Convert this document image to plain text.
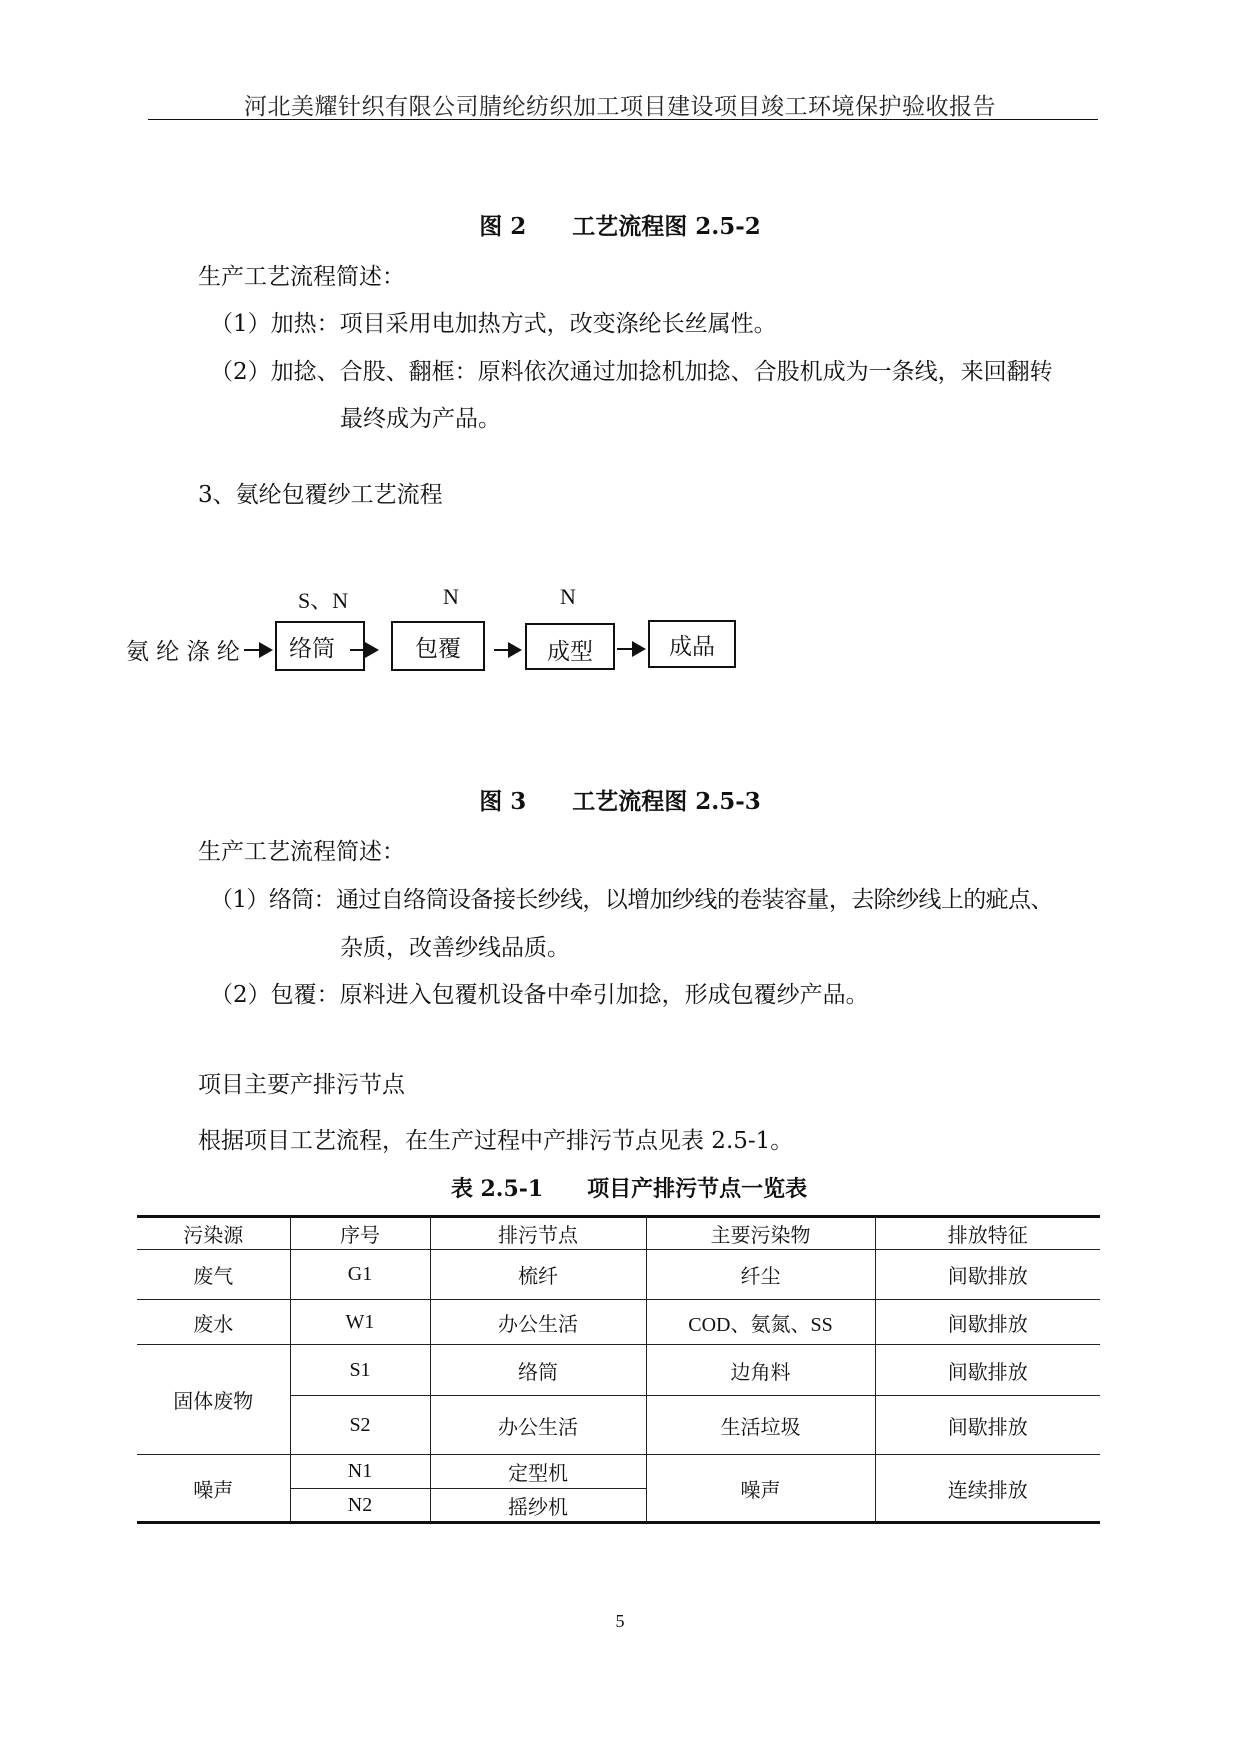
河北美耀针织有限公司腈纶纺织加工项目建设项目竣工环境保护验收报告
图 2　　工艺流程图 2.5-2
生产工艺流程简述：
（1）加热：项目采用电加热方式，改变涤纶长丝属性。
（2）加捻、合股、翻框：原料依次通过加捻机加捻、合股机成为一条线，来回翻转
最终成为产品。
3、氨纶包覆纱工艺流程
S、N	N	N
氨 纶 涤 纶 络筒	包覆	成型	成品
图 3　　工艺流程图 2.5-3
生产工艺流程简述：
（1）络筒：通过自络筒设备接长纱线，以增加纱线的卷装容量，去除纱线上的疵点、
杂质，改善纱线品质。
（2）包覆：原料进入包覆机设备中牵引加捻，形成包覆纱产品。
项目主要产排污节点
根据项目工艺流程，在生产过程中产排污节点见表 2.5-1。
表 2.5-1　　项目产排污节点一览表
污染源	序号	排污节点	主要污染物	排放特征
废气	G1	梳纤	纤尘	间歇排放
废水	W1	办公生活	COD、氨氮、SS	间歇排放
固体废物	S1	络筒	边角料	间歇排放
	S2	办公生活	生活垃圾	间歇排放
噪声	N1	定型机	噪声	连续排放
	N2	摇纱机		
5
